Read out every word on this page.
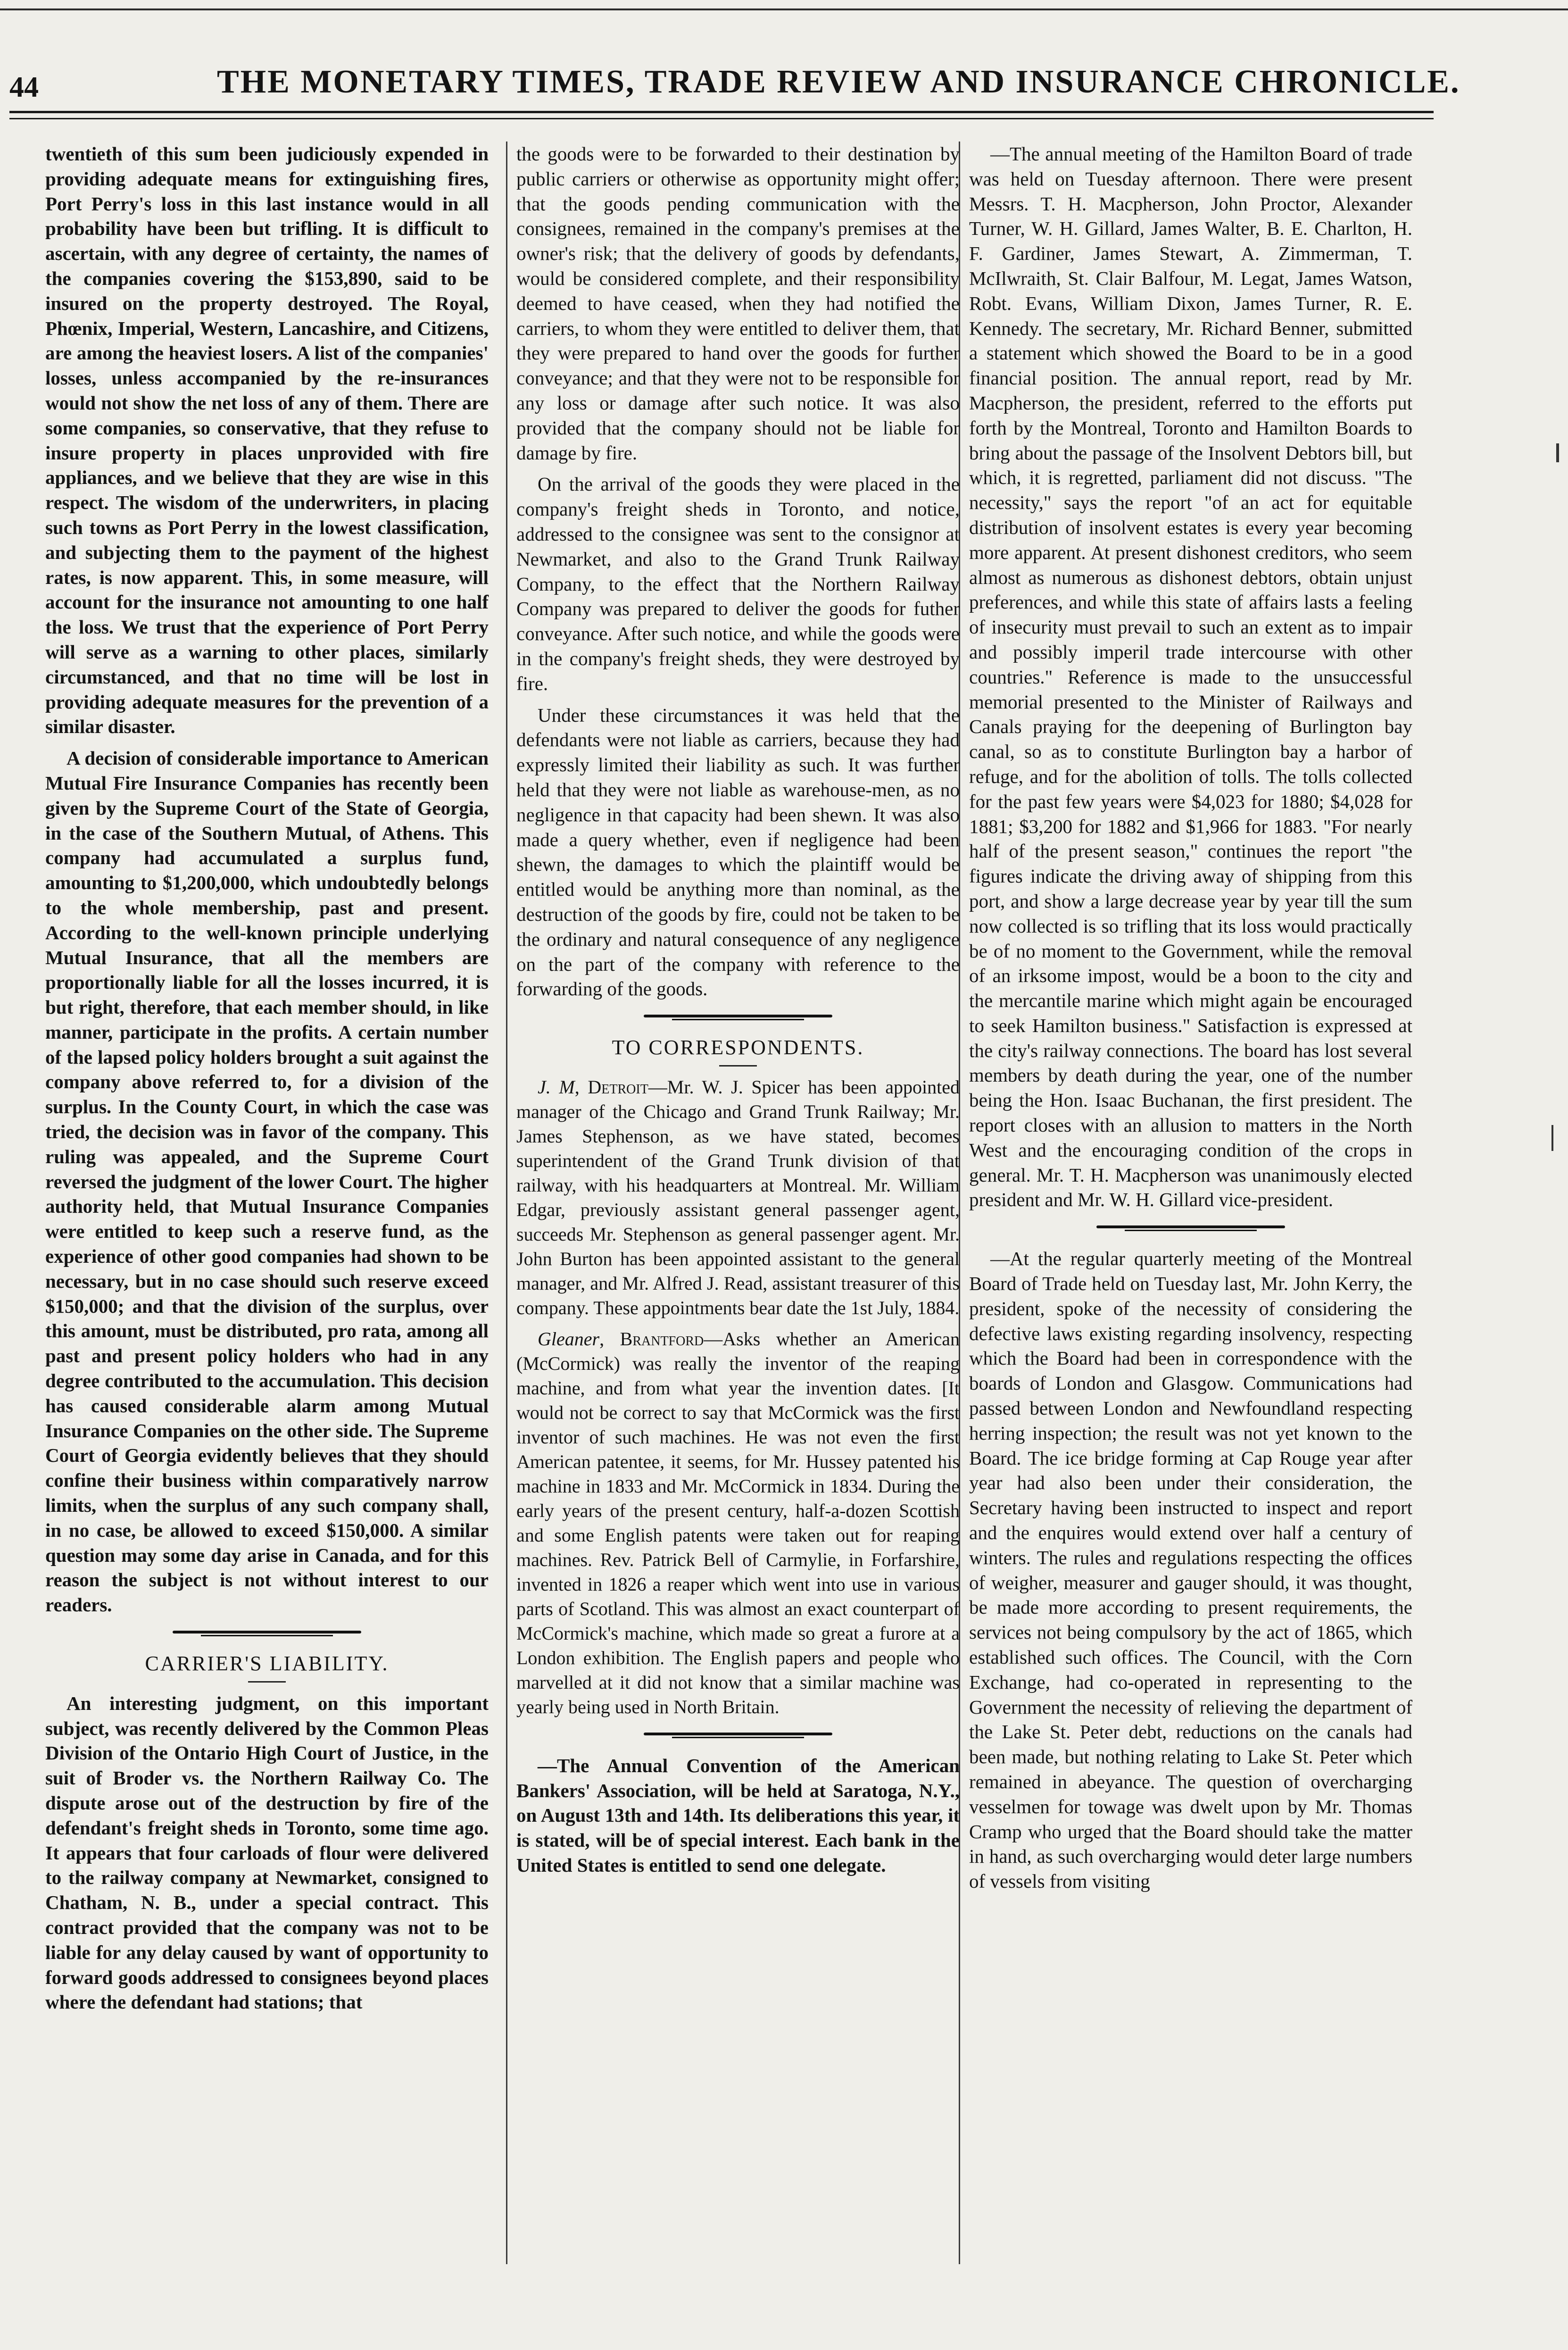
44	THE MONETARY TIMES, TRADE REVIEW AND INSURANCE CHRONICLE.

twentieth of this sum been judiciously expended in providing adequate means for extinguishing fires, Port Perry's loss in this last instance would in all probability have been but trifling. It is difficult to ascertain, with any degree of certainty, the names of the companies covering the $153,890, said to be insured on the property destroyed. The Royal, Phœnix, Imperial, Western, Lancashire, and Citizens, are among the heaviest losers. A list of the companies' losses, unless accompanied by the re-insurances would not show the net loss of any of them. There are some companies, so conservative, that they refuse to insure property in places unprovided with fire appliances, and we believe that they are wise in this respect. The wisdom of the underwriters, in placing such towns as Port Perry in the lowest classification, and subjecting them to the payment of the highest rates, is now apparent. This, in some measure, will account for the insurance not amounting to one half the loss. We trust that the experience of Port Perry will serve as a warning to other places, similarly circumstanced, and that no time will be lost in providing adequate measures for the prevention of a similar disaster.

A decision of considerable importance to American Mutual Fire Insurance Companies has recently been given by the Supreme Court of the State of Georgia, in the case of the Southern Mutual, of Athens. This company had accumulated a surplus fund, amounting to $1,200,000, which undoubtedly belongs to the whole membership, past and present. According to the well-known principle underlying Mutual Insurance, that all the members are proportionally liable for all the losses incurred, it is but right, therefore, that each member should, in like manner, participate in the profits. A certain number of the lapsed policy holders brought a suit against the company above referred to, for a division of the surplus. In the County Court, in which the case was tried, the decision was in favor of the company. This ruling was appealed, and the Supreme Court reversed the judgment of the lower Court. The higher authority held, that Mutual Insurance Companies were entitled to keep such a reserve fund, as the experience of other good companies had shown to be necessary, but in no case should such reserve exceed $150,000; and that the division of the surplus, over this amount, must be distributed, pro rata, among all past and present policy holders who had in any degree contributed to the accumulation. This decision has caused considerable alarm among Mutual Insurance Companies on the other side. The Supreme Court of Georgia evidently believes that they should confine their business within comparatively narrow limits, when the surplus of any such company shall, in no case, be allowed to exceed $150,000. A similar question may some day arise in Canada, and for this reason the subject is not without interest to our readers.

CARRIER'S LIABILITY.

An interesting judgment, on this important subject, was recently delivered by the Common Pleas Division of the Ontario High Court of Justice, in the suit of Broder vs. the Northern Railway Co. The dispute arose out of the destruction by fire of the defendant's freight sheds in Toronto, some time ago. It appears that four carloads of flour were delivered to the railway company at Newmarket, consigned to Chatham, N. B., under a special contract. This contract provided that the company was not to be liable for any delay caused by want of opportunity to forward goods addressed to consignees beyond places where the defendant had stations; that

the goods were to be forwarded to their destination by public carriers or otherwise as opportunity might offer; that the goods pending communication with the consignees, remained in the company's premises at the owner's risk; that the delivery of goods by defendants, would be considered complete, and their responsibility deemed to have ceased, when they had notified the carriers, to whom they were entitled to deliver them, that they were prepared to hand over the goods for further conveyance; and that they were not to be responsible for any loss or damage after such notice. It was also provided that the company should not be liable for damage by fire.

On the arrival of the goods they were placed in the company's freight sheds in Toronto, and notice, addressed to the consignee was sent to the consignor at Newmarket, and also to the Grand Trunk Railway Company, to the effect that the Northern Railway Company was prepared to deliver the goods for futher conveyance. After such notice, and while the goods were in the company's freight sheds, they were destroyed by fire.

Under these circumstances it was held that the defendants were not liable as carriers, because they had expressly limited their liability as such. It was further held that they were not liable as warehouse-men, as no negligence in that capacity had been shewn. It was also made a query whether, even if negligence had been shewn, the damages to which the plaintiff would be entitled would be anything more than nominal, as the destruction of the goods by fire, could not be taken to be the ordinary and natural consequence of any negligence on the part of the company with reference to the forwarding of the goods.

TO CORRESPONDENTS.

J. M, Detroit—Mr. W. J. Spicer has been appointed manager of the Chicago and Grand Trunk Railway; Mr. James Stephenson, as we have stated, becomes superintendent of the Grand Trunk division of that railway, with his headquarters at Montreal. Mr. William Edgar, previously assistant general passenger agent, succeeds Mr. Stephenson as general passenger agent. Mr. John Burton has been appointed assistant to the general manager, and Mr. Alfred J. Read, assistant treasurer of this company. These appointments bear date the 1st July, 1884.

Gleaner, Brantford—Asks whether an American (McCormick) was really the inventor of the reaping machine, and from what year the invention dates. [It would not be correct to say that McCormick was the first inventor of such machines. He was not even the first American patentee, it seems, for Mr. Hussey patented his machine in 1833 and Mr. McCormick in 1834. During the early years of the present century, half-a-dozen Scottish and some English patents were taken out for reaping machines. Rev. Patrick Bell of Carmylie, in Forfarshire, invented in 1826 a reaper which went into use in various parts of Scotland. This was almost an exact counterpart of McCormick's machine, which made so great a furore at a London exhibition. The English papers and people who marvelled at it did not know that a similar machine was yearly being used in North Britain.

—The Annual Convention of the American Bankers' Association, will be held at Saratoga, N.Y., on August 13th and 14th. Its deliberations this year, it is stated, will be of special interest. Each bank in the United States is entitled to send one delegate.

—The annual meeting of the Hamilton Board of trade was held on Tuesday afternoon. There were present Messrs. T. H. Macpherson, John Proctor, Alexander Turner, W. H. Gillard, James Walter, B. E. Charlton, H. F. Gardiner, James Stewart, A. Zimmerman, T. McIlwraith, St. Clair Balfour, M. Legat, James Watson, Robt. Evans, William Dixon, James Turner, R. E. Kennedy. The secretary, Mr. Richard Benner, submitted a statement which showed the Board to be in a good financial position. The annual report, read by Mr. Macpherson, the president, referred to the efforts put forth by the Montreal, Toronto and Hamilton Boards to bring about the passage of the Insolvent Debtors bill, but which, it is regretted, parliament did not discuss. "The necessity," says the report "of an act for equitable distribution of insolvent estates is every year becoming more apparent. At present dishonest creditors, who seem almost as numerous as dishonest debtors, obtain unjust preferences, and while this state of affairs lasts a feeling of insecurity must prevail to such an extent as to impair and possibly imperil trade intercourse with other countries." Reference is made to the unsuccessful memorial presented to the Minister of Railways and Canals praying for the deepening of Burlington bay canal, so as to constitute Burlington bay a harbor of refuge, and for the abolition of tolls. The tolls collected for the past few years were $4,023 for 1880; $4,028 for 1881; $3,200 for 1882 and $1,966 for 1883. "For nearly half of the present season," continues the report "the figures indicate the driving away of shipping from this port, and show a large decrease year by year till the sum now collected is so trifling that its loss would practically be of no moment to the Government, while the removal of an irksome impost, would be a boon to the city and the mercantile marine which might again be encouraged to seek Hamilton business." Satisfaction is expressed at the city's railway connections. The board has lost several members by death during the year, one of the number being the Hon. Isaac Buchanan, the first president. The report closes with an allusion to matters in the North West and the encouraging condition of the crops in general. Mr. T. H. Macpherson was unanimously elected president and Mr. W. H. Gillard vice-president.

—At the regular quarterly meeting of the Montreal Board of Trade held on Tuesday last, Mr. John Kerry, the president, spoke of the necessity of considering the defective laws existing regarding insolvency, respecting which the Board had been in correspondence with the boards of London and Glasgow. Communications had passed between London and Newfoundland respecting herring inspection; the result was not yet known to the Board. The ice bridge forming at Cap Rouge year after year had also been under their consideration, the Secretary having been instructed to inspect and report and the enquires would extend over half a century of winters. The rules and regulations respecting the offices of weigher, measurer and gauger should, it was thought, be made more according to present requirements, the services not being compulsory by the act of 1865, which established such offices. The Council, with the Corn Exchange, had co-operated in representing to the Government the necessity of relieving the department of the Lake St. Peter debt, reductions on the canals had been made, but nothing relating to Lake St. Peter which remained in abeyance. The question of overcharging vesselmen for towage was dwelt upon by Mr. Thomas Cramp who urged that the Board should take the matter in hand, as such overcharging would deter large numbers of vessels from visiting
